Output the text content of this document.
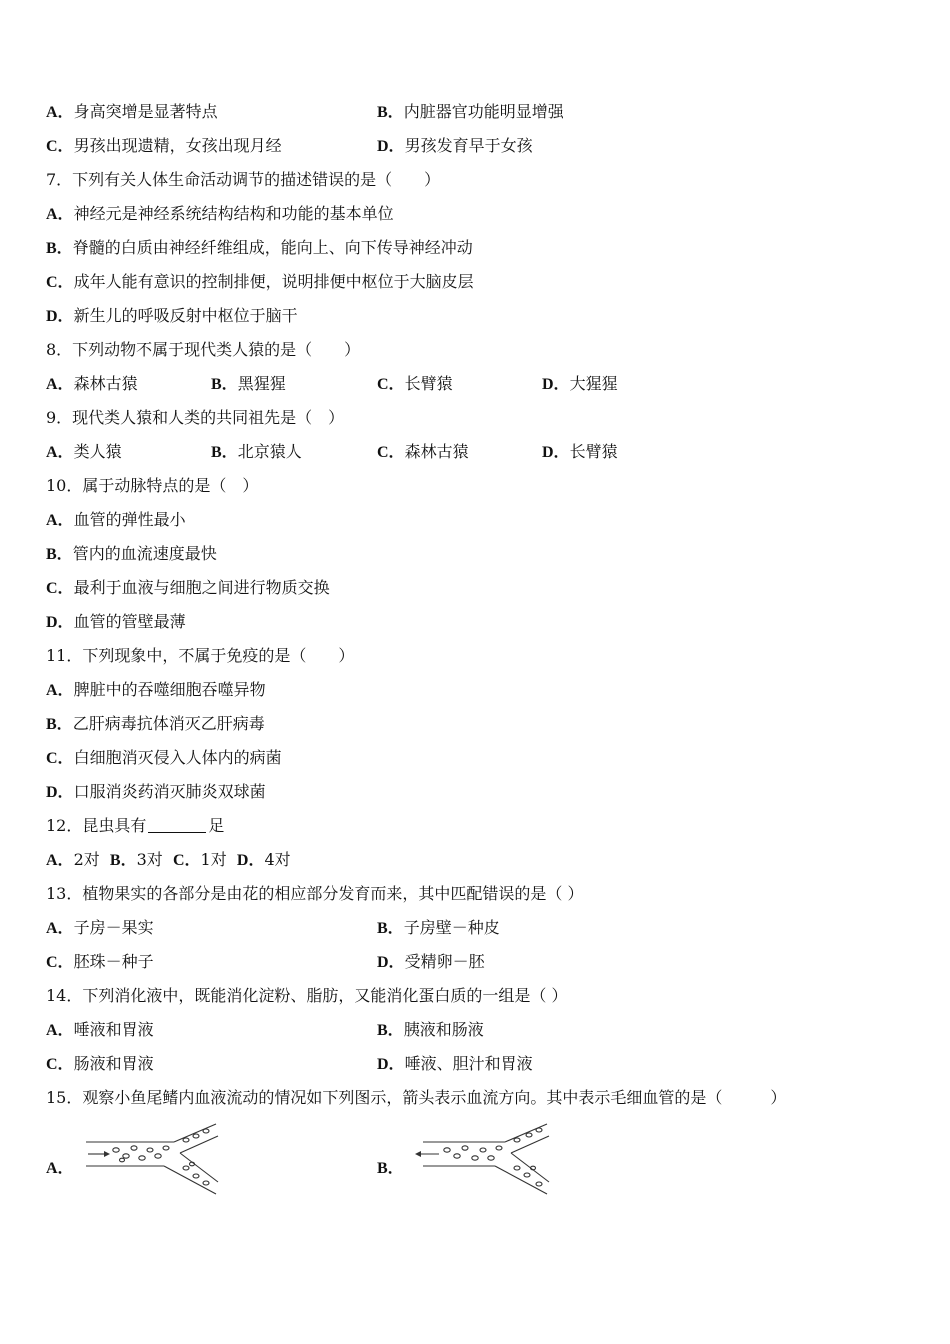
A．身高突增是显著特点	B．内脏器官功能明显增强
C．男孩出现遗精，女孩出现月经	D．男孩发育早于女孩
7．下列有关人体生命活动调节的描述错误的是（　　）
A．神经元是神经系统结构结构和功能的基本单位
B．脊髓的白质由神经纤维组成，能向上、向下传导神经冲动
C．成年人能有意识的控制排便，说明排便中枢位于大脑皮层
D．新生儿的呼吸反射中枢位于脑干
8．下列动物不属于现代类人猿的是（　　）
A．森林古猿	B．黑猩猩	C．长臂猿	D．大猩猩
9．现代类人猿和人类的共同祖先是（　）
A．类人猿	B．北京猿人	C．森林古猿	D．长臂猿
10．属于动脉特点的是（　）
A．血管的弹性最小
B．管内的血流速度最快
C．最利于血液与细胞之间进行物质交换
D．血管的管壁最薄
11．下列现象中，不属于免疫的是（　　）
A．脾脏中的吞噬细胞吞噬异物
B．乙肝病毒抗体消灭乙肝病毒
C．白细胞消灭侵入人体内的病菌
D．口服消炎药消灭肺炎双球菌
12．昆虫具有	足
A．2对 B．3对 C．1对 D．4对
13．植物果实的各部分是由花的相应部分发育而来，其中匹配错误的是（ ）
A．子房－果实	B．子房壁－种皮
C．胚珠－种子	D．受精卵－胚
14．下列消化液中，既能消化淀粉、脂肪，又能消化蛋白质的一组是（ ）
A．唾液和胃液	B．胰液和肠液
C．肠液和胃液	D．唾液、胆汁和胃液
15．观察小鱼尾鳍内血液流动的情况如下列图示，箭头表示血流方向。其中表示毛细血管的是（　　　）
A．	B．
